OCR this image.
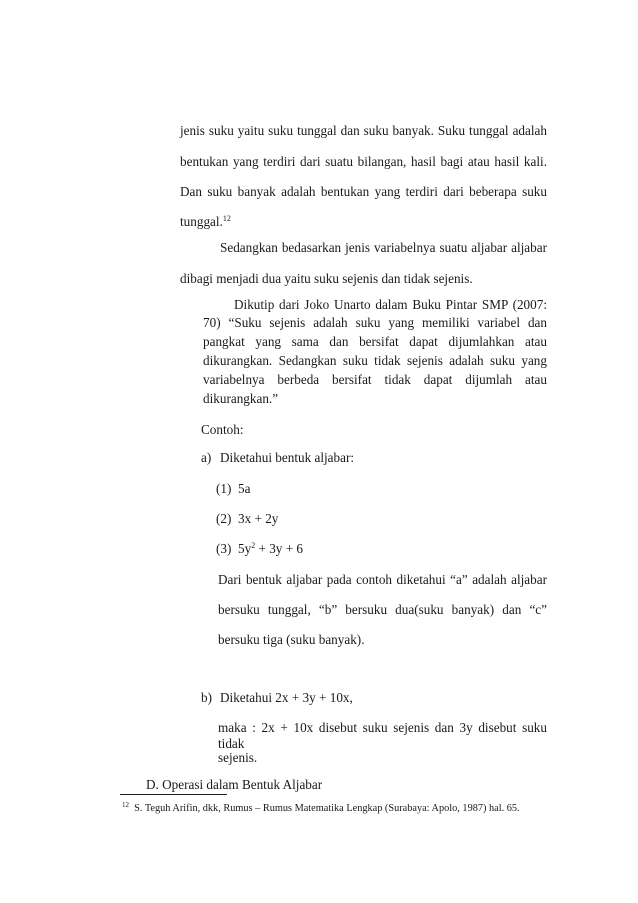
jenis suku yaitu suku tunggal dan suku banyak. Suku tunggal adalah
bentukan yang terdiri dari suatu bilangan, hasil bagi atau hasil kali.
Dan suku banyak adalah bentukan yang terdiri dari beberapa suku
tunggal.$^{12}$
Sedangkan bedasarkan jenis variabelnya suatu aljabar aljabar
dibagi menjadi dua yaitu suku sejenis dan tidak sejenis.
Dikutip dari Joko Unarto dalam Buku Pintar SMP (2007:
70) “Suku sejenis adalah suku yang memiliki variabel dan
pangkat yang sama dan bersifat dapat dijumlahkan atau
dikurangkan. Sedangkan suku tidak sejenis adalah suku yang
variabelnya berbeda bersifat tidak dapat dijumlah atau
dikurangkan.”
Contoh:
a) Diketahui bentuk aljabar:
(1) 5a
(2) 3x + 2y
(3) $5y^2 + 3y + 6$
Dari bentuk aljabar pada contoh diketahui “a” adalah aljabar
bersuku tunggal, “b” bersuku dua(suku banyak) dan “c”
bersuku tiga (suku banyak).
b) Diketahui 2x + 3y + 10x,
maka : 2x + 10x disebut suku sejenis dan 3y disebut suku tidak
sejenis.
D. Operasi dalam Bentuk Aljabar
$^{12}$ S. Teguh Arifin, dkk, Rumus – Rumus Matematika Lengkap (Surabaya: Apolo, 1987) hal. 65.
